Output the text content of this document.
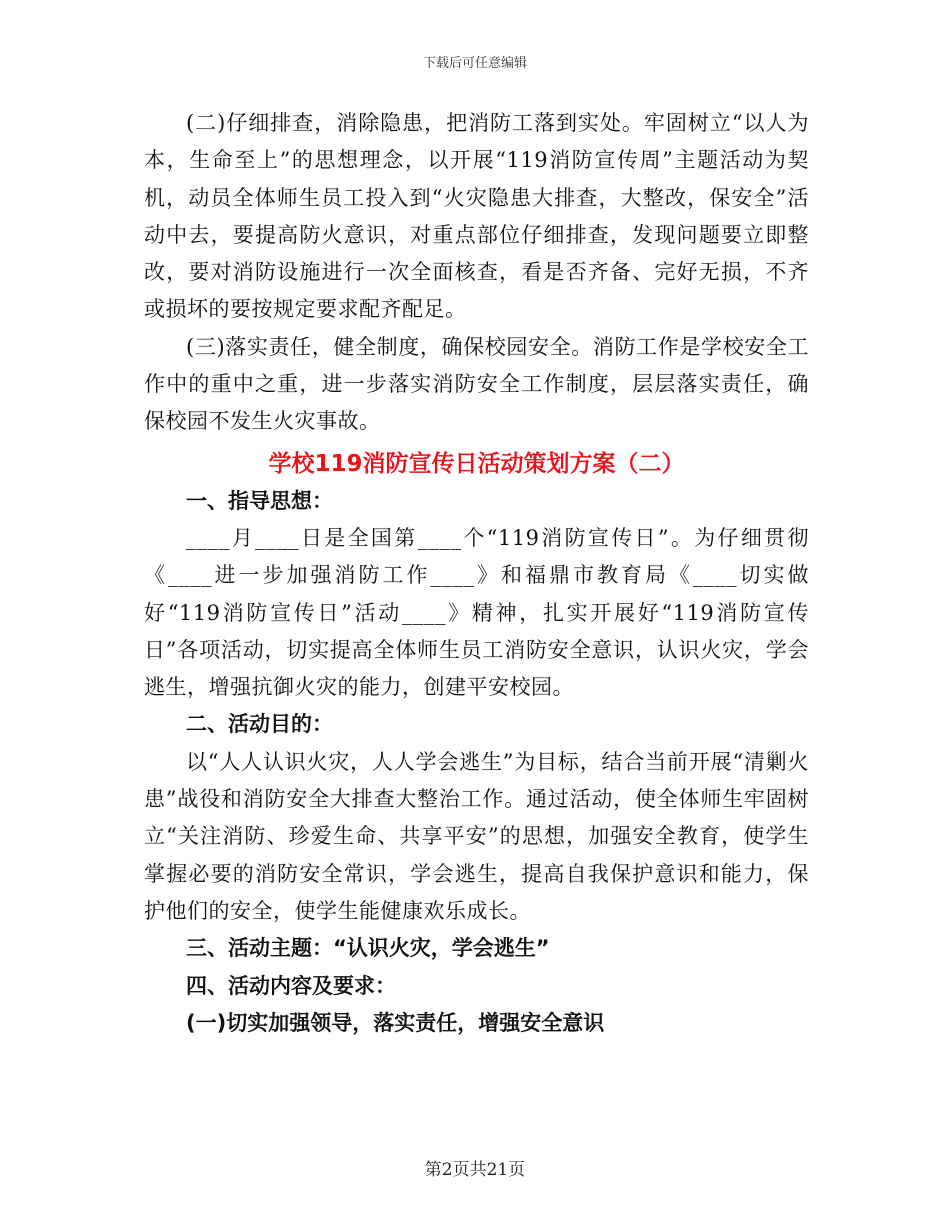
下载后可任意编辑

(二)仔细排查，消除隐患，把消防工落到实处。牢固树立“以人为本，生命至上”的思想理念，以开展“119消防宣传周”主题活动为契机，动员全体师生员工投入到“火灾隐患大排查，大整改，保安全”活动中去，要提高防火意识，对重点部位仔细排查，发现问题要立即整改，要对消防设施进行一次全面核查，看是否齐备、完好无损，不齐或损坏的要按规定要求配齐配足。

(三)落实责任，健全制度，确保校园安全。消防工作是学校安全工作中的重中之重，进一步落实消防安全工作制度，层层落实责任，确保校园不发生火灾事故。

学校119消防宣传日活动策划方案（二）

一、指导思想：

____月____日是全国第____个“119消防宣传日”。为仔细贯彻《____进一步加强消防工作____》和福鼎市教育局《____切实做好“119消防宣传日”活动____》精神，扎实开展好“119消防宣传日”各项活动，切实提高全体师生员工消防安全意识，认识火灾，学会逃生，增强抗御火灾的能力，创建平安校园。

二、活动目的：

以“人人认识火灾，人人学会逃生”为目标，结合当前开展“清剿火患”战役和消防安全大排查大整治工作。通过活动，使全体师生牢固树立“关注消防、珍爱生命、共享平安”的思想，加强安全教育，使学生掌握必要的消防安全常识，学会逃生，提高自我保护意识和能力，保护他们的安全，使学生能健康欢乐成长。

三、活动主题：“认识火灾，学会逃生”

四、活动内容及要求：

(一)切实加强领导，落实责任，增强安全意识

第2页共21页
